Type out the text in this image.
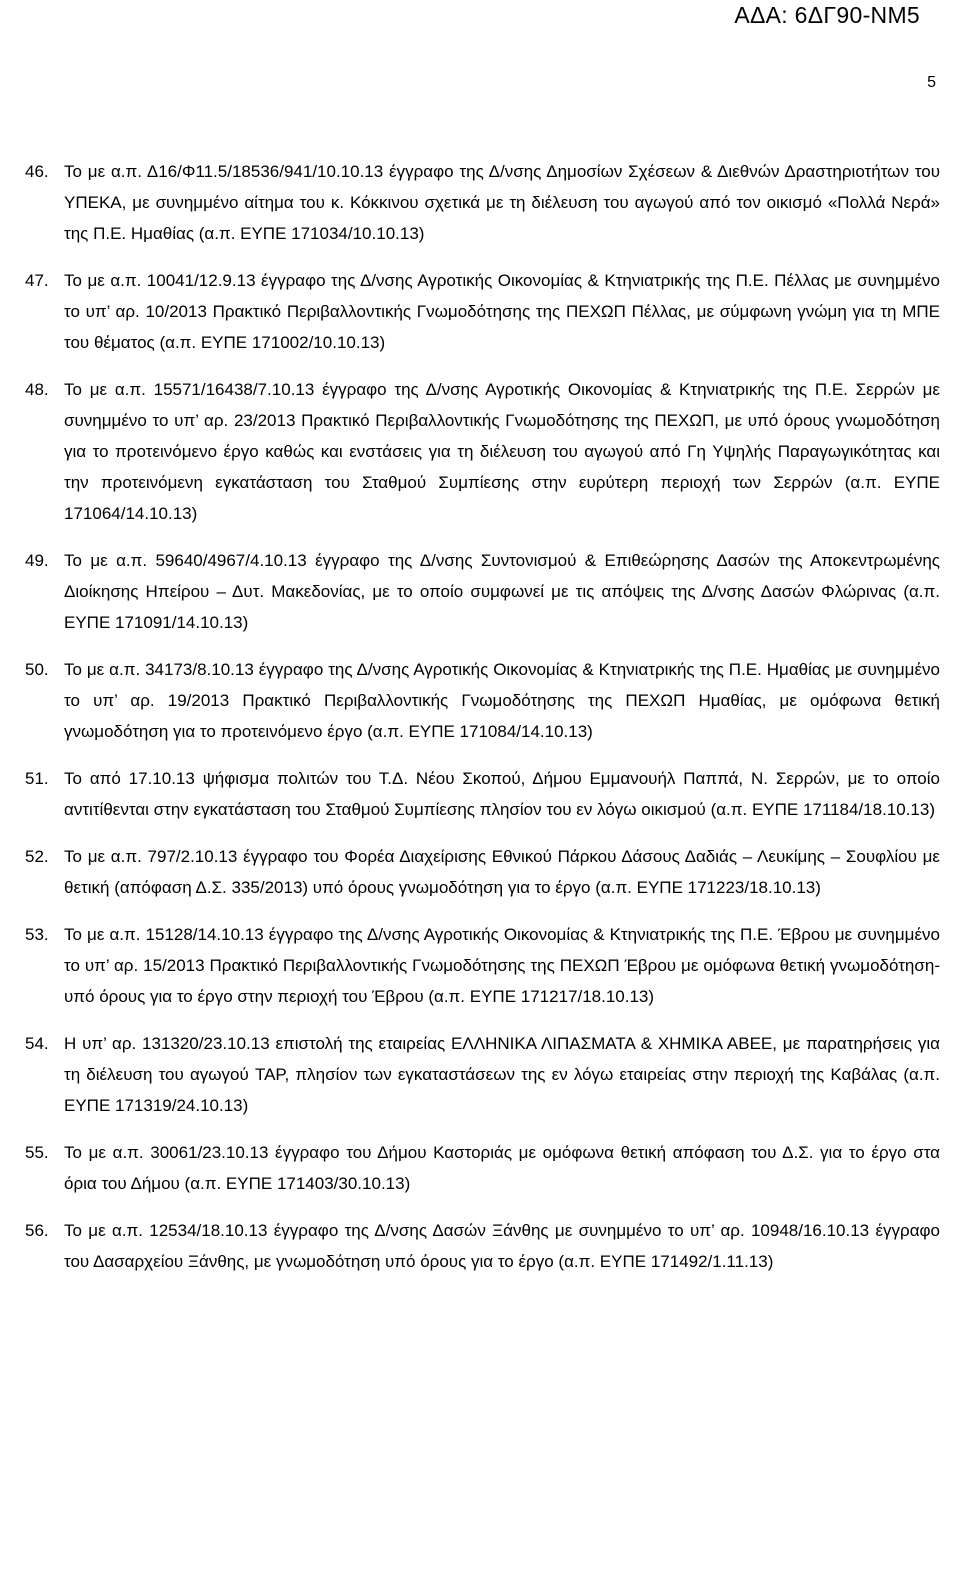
ΑΔΑ: 6ΔΓ90-ΝΜ5
5
46. Το με α.π. Δ16/Φ11.5/18536/941/10.10.13 έγγραφο της Δ/νσης Δημοσίων Σχέσεων & Διεθνών Δραστηριοτήτων του ΥΠΕΚΑ, με συνημμένο αίτημα του κ. Κόκκινου σχετικά με τη διέλευση του αγωγού από τον οικισμό «Πολλά Νερά» της Π.Ε. Ημαθίας (α.π. ΕΥΠΕ 171034/10.10.13)
47. Το με α.π. 10041/12.9.13 έγγραφο της Δ/νσης Αγροτικής Οικονομίας & Κτηνιατρικής της Π.Ε. Πέλλας με συνημμένο το υπ’ αρ. 10/2013 Πρακτικό Περιβαλλοντικής Γνωμοδότησης της ΠΕΧΩΠ Πέλλας, με σύμφωνη γνώμη για τη ΜΠΕ του θέματος (α.π. ΕΥΠΕ 171002/10.10.13)
48. Το με α.π. 15571/16438/7.10.13 έγγραφο της Δ/νσης Αγροτικής Οικονομίας & Κτηνιατρικής της Π.Ε. Σερρών με συνημμένο το υπ’ αρ. 23/2013 Πρακτικό Περιβαλλοντικής Γνωμοδότησης της ΠΕΧΩΠ, με υπό όρους γνωμοδότηση για το προτεινόμενο έργο καθώς και ενστάσεις για τη διέλευση του αγωγού από Γη Υψηλής Παραγωγικότητας και την προτεινόμενη εγκατάσταση του Σταθμού Συμπίεσης στην ευρύτερη περιοχή των Σερρών (α.π. ΕΥΠΕ 171064/14.10.13)
49. Το με α.π. 59640/4967/4.10.13 έγγραφο της Δ/νσης Συντονισμού & Επιθεώρησης Δασών της Αποκεντρωμένης Διοίκησης Ηπείρου – Δυτ. Μακεδονίας, με το οποίο συμφωνεί με τις απόψεις της Δ/νσης Δασών Φλώρινας (α.π. ΕΥΠΕ 171091/14.10.13)
50. Το με α.π. 34173/8.10.13 έγγραφο της Δ/νσης Αγροτικής Οικονομίας & Κτηνιατρικής της Π.Ε. Ημαθίας με συνημμένο το υπ’ αρ. 19/2013 Πρακτικό Περιβαλλοντικής Γνωμοδότησης της ΠΕΧΩΠ Ημαθίας, με ομόφωνα θετική γνωμοδότηση για το προτεινόμενο έργο (α.π. ΕΥΠΕ 171084/14.10.13)
51. Το από 17.10.13 ψήφισμα πολιτών του Τ.Δ. Νέου Σκοπού, Δήμου Εμμανουήλ Παππά, Ν. Σερρών, με το οποίο αντιτίθενται στην εγκατάσταση του Σταθμού Συμπίεσης πλησίον του εν λόγω οικισμού (α.π. ΕΥΠΕ 171184/18.10.13)
52. Το με α.π. 797/2.10.13 έγγραφο του Φορέα Διαχείρισης Εθνικού Πάρκου Δάσους Δαδιάς – Λευκίμης – Σουφλίου με θετική (απόφαση Δ.Σ. 335/2013) υπό όρους γνωμοδότηση για το έργο (α.π. ΕΥΠΕ 171223/18.10.13)
53. Το με α.π. 15128/14.10.13 έγγραφο της Δ/νσης Αγροτικής Οικονομίας & Κτηνιατρικής της Π.Ε. Έβρου με συνημμένο το υπ’ αρ. 15/2013 Πρακτικό Περιβαλλοντικής Γνωμοδότησης της ΠΕΧΩΠ Έβρου με ομόφωνα θετική γνωμοδότηση-υπό όρους για το έργο στην περιοχή του Έβρου (α.π. ΕΥΠΕ 171217/18.10.13)
54. Η υπ’ αρ. 131320/23.10.13 επιστολή της εταιρείας ΕΛΛΗΝΙΚΑ ΛΙΠΑΣΜΑΤΑ & ΧΗΜΙΚΑ ΑΒΕΕ, με παρατηρήσεις για τη διέλευση του αγωγού TAP, πλησίον των εγκαταστάσεων της εν λόγω εταιρείας στην περιοχή της Καβάλας (α.π. ΕΥΠΕ 171319/24.10.13)
55. Το με α.π. 30061/23.10.13 έγγραφο του Δήμου Καστοριάς με ομόφωνα θετική απόφαση του Δ.Σ. για το έργο στα όρια του Δήμου (α.π. ΕΥΠΕ 171403/30.10.13)
56. Το με α.π. 12534/18.10.13 έγγραφο της Δ/νσης Δασών Ξάνθης με συνημμένο το υπ’ αρ. 10948/16.10.13 έγγραφο του Δασαρχείου Ξάνθης, με γνωμοδότηση υπό όρους για το έργο (α.π. ΕΥΠΕ 171492/1.11.13)
